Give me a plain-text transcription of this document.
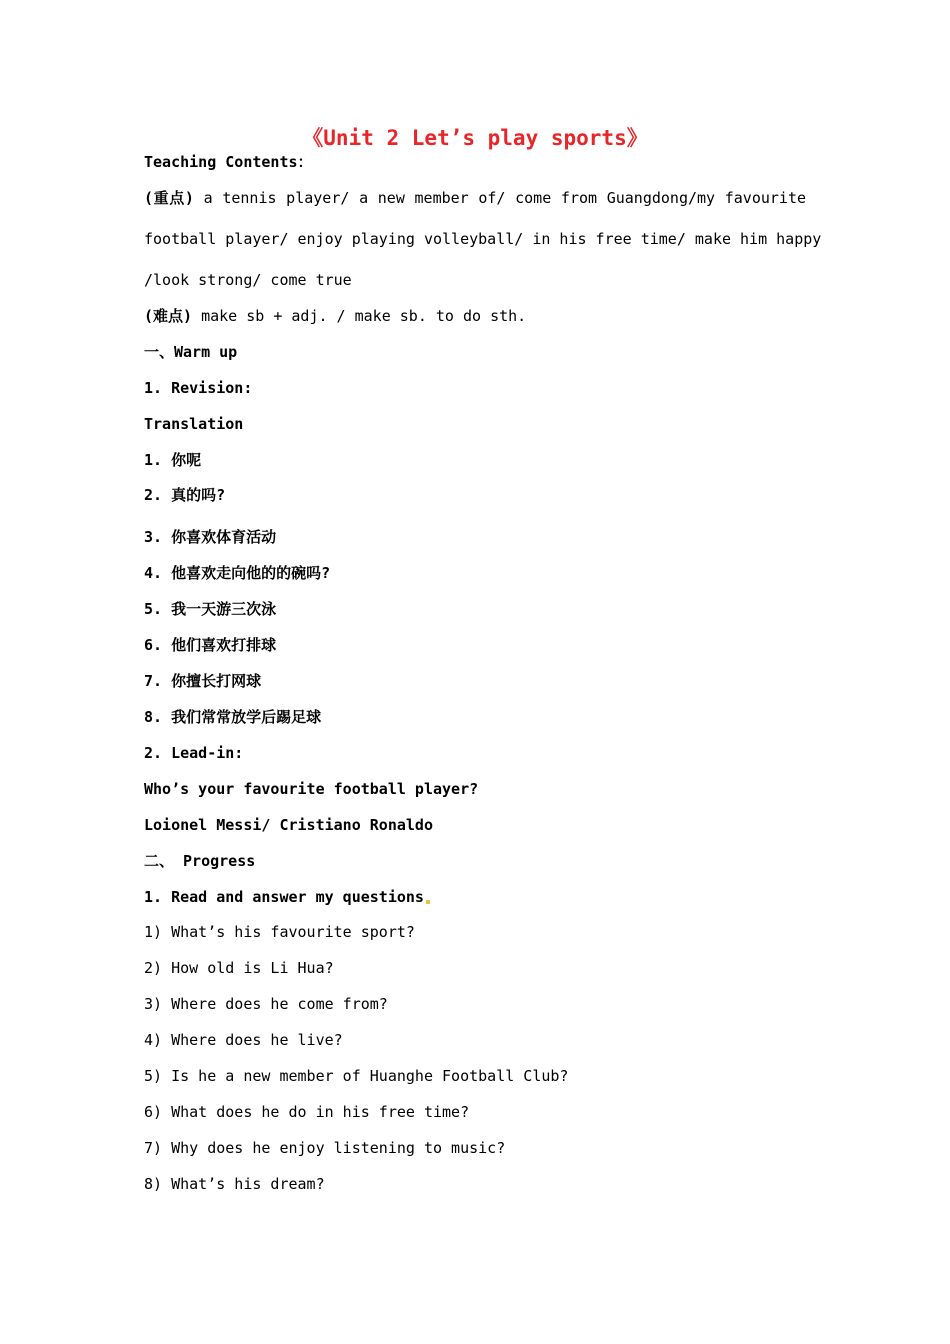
《Unit 2 Let’s play sports》
Teaching Contents：
(重点) a tennis player/ a new member of/ come from Guangdong/my favourite
football player/ enjoy playing volleyball/ in his free time/ make him happy
/look strong/ come true
(难点) make sb + adj. / make sb. to do sth.
一、Warm up
1. Revision:
Translation
1. 你呢
2. 真的吗?
3. 你喜欢体育活动
4. 他喜欢走向他的的碗吗?
5. 我一天游三次泳
6. 他们喜欢打排球
7. 你擅长打网球
8. 我们常常放学后踢足球
2. Lead-in:
Who’s your favourite football player?
Loionel Messi/ Cristiano Ronaldo
二、 Progress
1. Read and answer my questions
1) What’s his favourite sport?
2) How old is Li Hua?
3) Where does he come from?
4) Where does he live?
5) Is he a new member of Huanghe Football Club?
6) What does he do in his free time?
7) Why does he enjoy listening to music?
8) What’s his dream?
